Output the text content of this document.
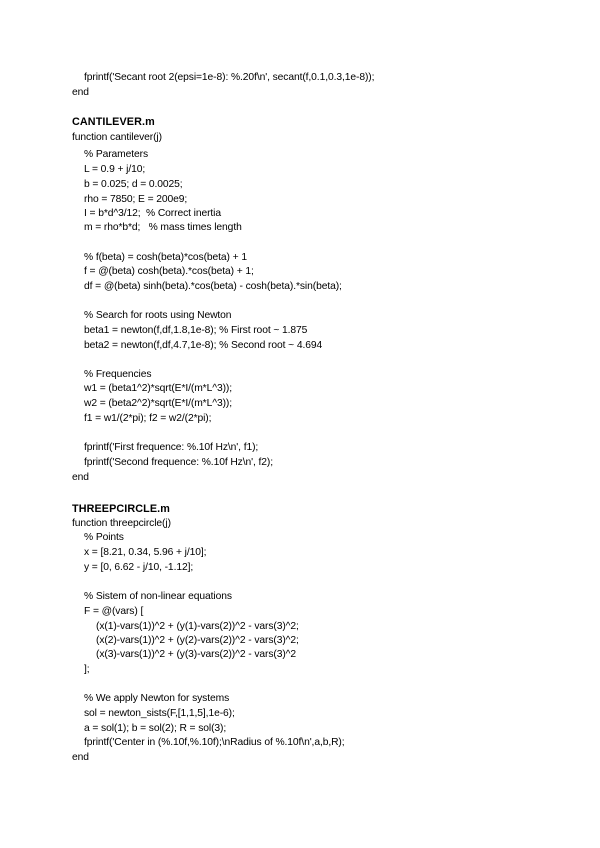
fprintf('Secant root 2(epsi=1e-8): %.20f\n', secant(f,0.1,0.3,1e-8));
end
CANTILEVER.m
function cantilever(j)
% Parameters
L = 0.9 + j/10;
b = 0.025; d = 0.0025;
rho = 7850; E = 200e9;
I = b*d^3/12;  % Correct inertia
m = rho*b*d;   % mass times length
% f(beta) = cosh(beta)*cos(beta) + 1
f = @(beta) cosh(beta).*cos(beta) + 1;
df = @(beta) sinh(beta).*cos(beta) - cosh(beta).*sin(beta);
% Search for roots using Newton
beta1 = newton(f,df,1.8,1e-8); % First root ~ 1.875
beta2 = newton(f,df,4.7,1e-8); % Second root ~ 4.694
% Frequencies
w1 = (beta1^2)*sqrt(E*I/(m*L^3));
w2 = (beta2^2)*sqrt(E*I/(m*L^3));
f1 = w1/(2*pi); f2 = w2/(2*pi);
fprintf('First frequence: %.10f Hz\n', f1);
fprintf('Second frequence: %.10f Hz\n', f2);
end
THREEPCIRCLE.m
function threepcircle(j)
% Points
x = [8.21, 0.34, 5.96 + j/10];
y = [0, 6.62 - j/10, -1.12];
% Sistem of non-linear equations
F = @(vars) [
(x(1)-vars(1))^2 + (y(1)-vars(2))^2 - vars(3)^2;
(x(2)-vars(1))^2 + (y(2)-vars(2))^2 - vars(3)^2;
(x(3)-vars(1))^2 + (y(3)-vars(2))^2 - vars(3)^2
];
% We apply Newton for systems
sol = newton_sists(F,[1,1,5],1e-6);
a = sol(1); b = sol(2); R = sol(3);
fprintf('Center in (%.10f,%.10f);\nRadius of %.10f\n',a,b,R);
end
